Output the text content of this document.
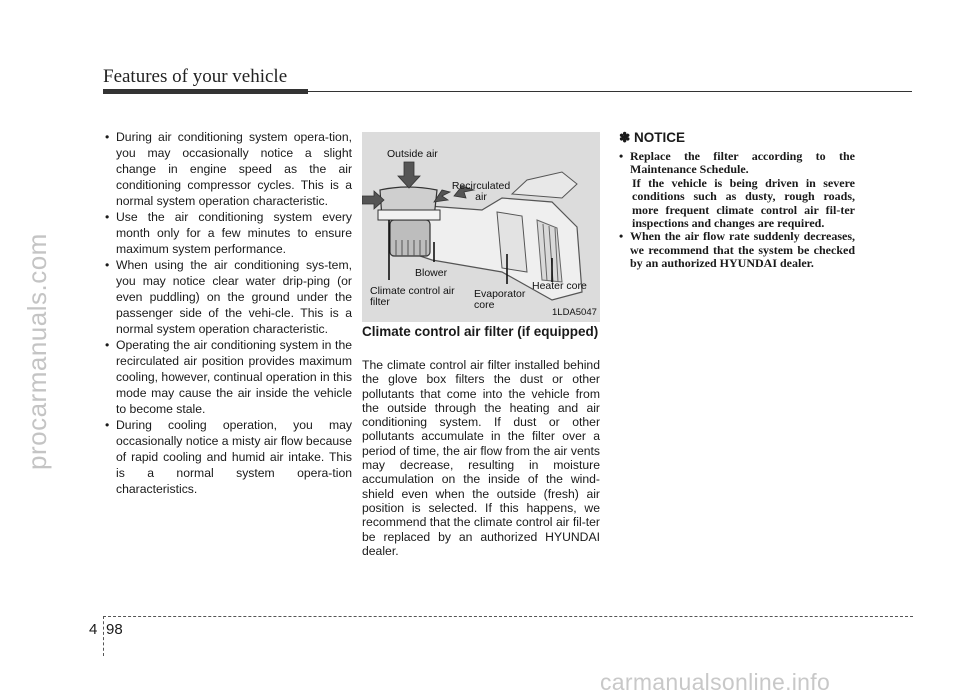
Features of your vehicle
procarmanuals.com
• During air conditioning system opera-tion, you may occasionally notice a slight change in engine speed as the air conditioning compressor cycles. This is a normal system operation characteristic.
• Use the air conditioning system every month only for a few minutes to ensure maximum system performance.
• When using the air conditioning sys-tem, you may notice clear water drip-ping (or even puddling) on the ground under the passenger side of the vehi-cle. This is a normal system operation characteristic.
• Operating the air conditioning system in the recirculated air position provides maximum cooling, however, continual operation in this mode may cause the air inside the vehicle to become stale.
• During cooling operation, you may occasionally notice a misty air flow because of rapid cooling and humid air intake. This is a normal system opera-tion characteristics.
Outside air
Recirculated air
Blower
Climate control air filter
Evaporator core
Heater core
1LDA5047
Climate control air filter (if equipped)

The climate control air filter installed behind the glove box filters the dust or other pollutants that come into the vehicle from the outside through the heating and air conditioning system. If dust or other pollutants accumulate in the filter over a period of time, the air flow from the air vents may decrease, resulting in moisture accumulation on the inside of the wind-shield even when the outside (fresh) air position is selected. If this happens, we recommend that the climate control air fil-ter be replaced by an authorized HYUNDAI dealer.

✽ NOTICE
• Replace the filter according to the Maintenance Schedule.
If the vehicle is being driven in severe conditions such as dusty, rough roads, more frequent climate control air fil-ter inspections and changes are required.
• When the air flow rate suddenly decreases, we recommend that the system be checked by an authorized HYUNDAI dealer.
4 98
carmanualsonline.info
